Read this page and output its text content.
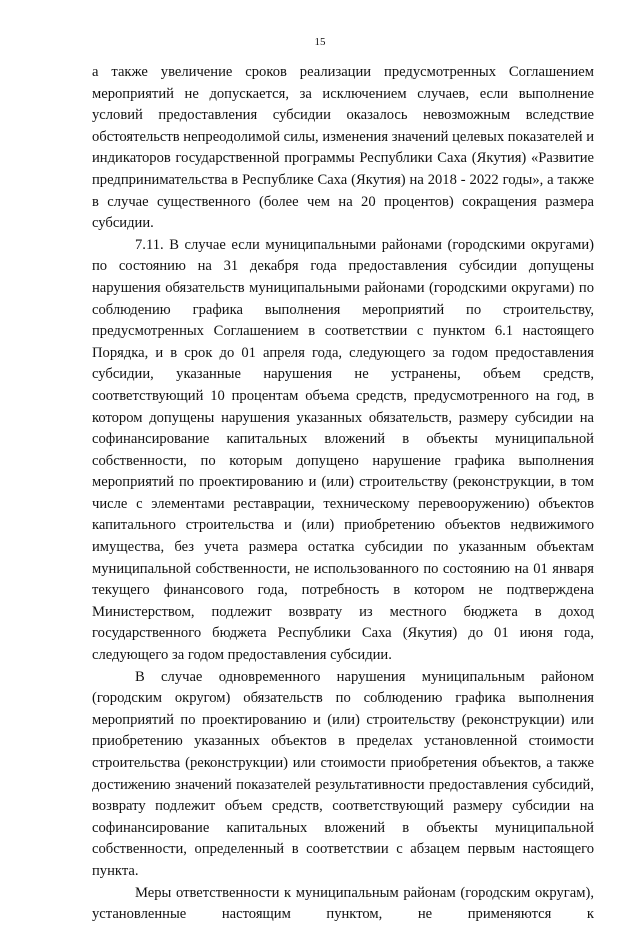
15

а также увеличение сроков реализации предусмотренных Соглашением мероприятий не допускается, за исключением случаев, если выполнение условий предоставления субсидии оказалось невозможным вследствие обстоятельств непреодолимой силы, изменения значений целевых показателей и индикаторов государственной программы Республики Саха (Якутия) «Развитие предпринимательства в Республике Саха (Якутия) на 2018 - 2022 годы», а также в случае существенного (более чем на 20 процентов) сокращения размера субсидии.

7.11. В случае если муниципальными районами (городскими округами) по состоянию на 31 декабря года предоставления субсидии допущены нарушения обязательств муниципальными районами (городскими округами) по соблюдению графика выполнения мероприятий по строительству, предусмотренных Соглашением в соответствии с пунктом 6.1 настоящего Порядка, и в срок до 01 апреля года, следующего за годом предоставления субсидии, указанные нарушения не устранены, объем средств, соответствующий 10 процентам объема средств, предусмотренного на год, в котором допущены нарушения указанных обязательств, размеру субсидии на софинансирование капитальных вложений в объекты муниципальной собственности, по которым допущено нарушение графика выполнения мероприятий по проектированию и (или) строительству (реконструкции, в том числе с элементами реставрации, техническому перевооружению) объектов капитального строительства и (или) приобретению объектов недвижимого имущества, без учета размера остатка субсидии по указанным объектам муниципальной собственности, не использованного по состоянию на 01 января текущего финансового года, потребность в котором не подтверждена Министерством, подлежит возврату из местного бюджета в доход государственного бюджета Республики Саха (Якутия) до 01 июня года, следующего за годом предоставления субсидии.

В случае одновременного нарушения муниципальным районом (городским округом) обязательств по соблюдению графика выполнения мероприятий по проектированию и (или) строительству (реконструкции) или приобретению указанных объектов в пределах установленной стоимости строительства (реконструкции) или стоимости приобретения объектов, а также достижению значений показателей результативности предоставления субсидий, возврату подлежит объем средств, соответствующий размеру субсидии на софинансирование капитальных вложений в объекты муниципальной собственности, определенный в соответствии с абзацем первым настоящего пункта.

Меры ответственности к муниципальным районам (городским округам), установленные настоящим пунктом, не применяются к
